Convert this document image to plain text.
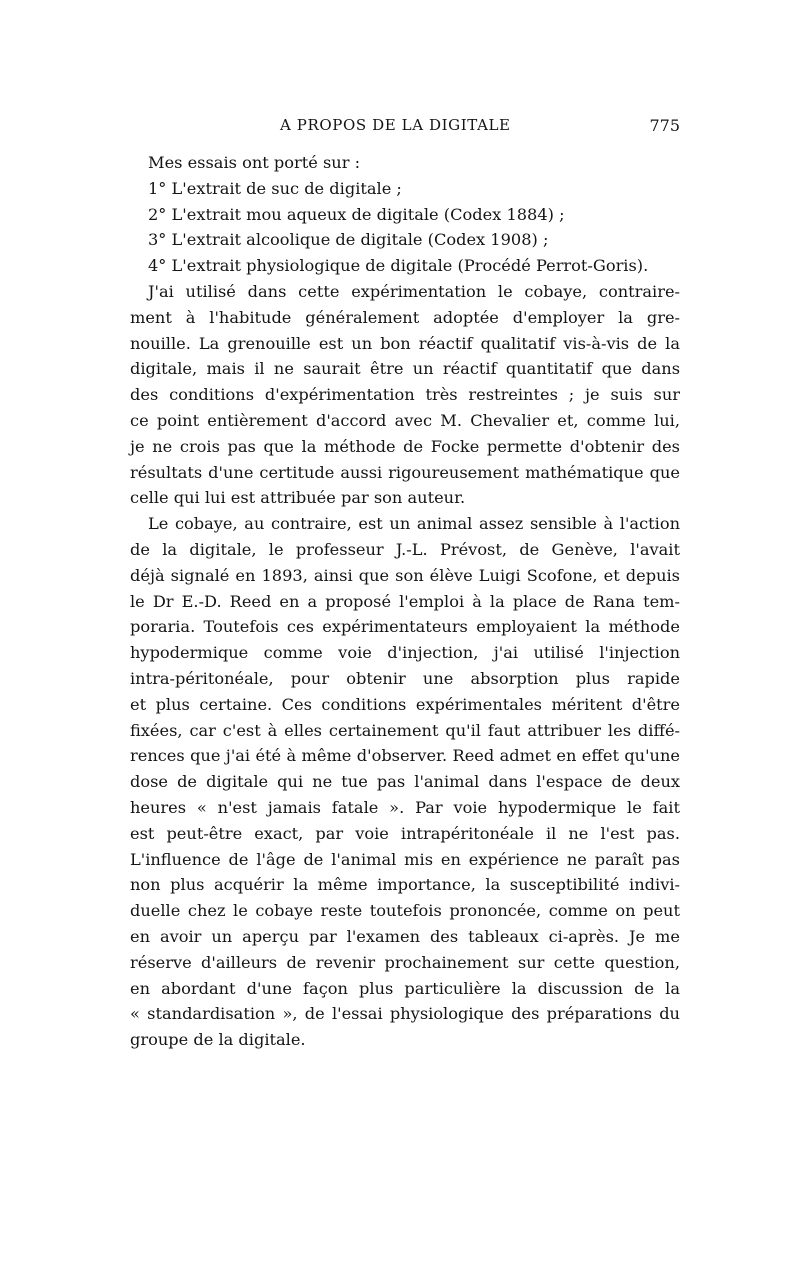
A PROPOS DE LA DIGITALE	775
Mes essais ont porté sur :
1° L'extrait de suc de digitale ;
2° L'extrait mou aqueux de digitale (Codex 1884) ;
3° L'extrait alcoolique de digitale (Codex 1908) ;
4° L'extrait physiologique de digitale (Procédé Perrot-Goris).
J'ai utilisé dans cette expérimentation le cobaye, contraire-
ment à l'habitude généralement adoptée d'employer la gre-
nouille. La grenouille est un bon réactif qualitatif vis-à-vis de la
digitale, mais il ne saurait être un réactif quantitatif que dans
des conditions d'expérimentation très restreintes ; je suis sur
ce point entièrement d'accord avec M. Chevalier et, comme lui,
je ne crois pas que la méthode de Focke permette d'obtenir des
résultats d'une certitude aussi rigoureusement mathématique que
celle qui lui est attribuée par son auteur.
Le cobaye, au contraire, est un animal assez sensible à l'action
de la digitale, le professeur J.-L. Prévost, de Genève, l'avait
déjà signalé en 1893, ainsi que son élève Luigi Scofone, et depuis
le Dr E.-D. Reed en a proposé l'emploi à la place de Rana tem-
poraria. Toutefois ces expérimentateurs employaient la méthode
hypodermique comme voie d'injection, j'ai utilisé l'injection
intra-péritonéale, pour obtenir une absorption plus rapide
et plus certaine. Ces conditions expérimentales méritent d'être
fixées, car c'est à elles certainement qu'il faut attribuer les diffé-
rences que j'ai été à même d'observer. Reed admet en effet qu'une
dose de digitale qui ne tue pas l'animal dans l'espace de deux
heures « n'est jamais fatale ». Par voie hypodermique le fait
est peut-être exact, par voie intrapéritonéale il ne l'est pas.
L'influence de l'âge de l'animal mis en expérience ne paraît pas
non plus acquérir la même importance, la susceptibilité indivi-
duelle chez le cobaye reste toutefois prononcée, comme on peut
en avoir un aperçu par l'examen des tableaux ci-après. Je me
réserve d'ailleurs de revenir prochainement sur cette question,
en abordant d'une façon plus particulière la discussion de la
« standardisation », de l'essai physiologique des préparations du
groupe de la digitale.
